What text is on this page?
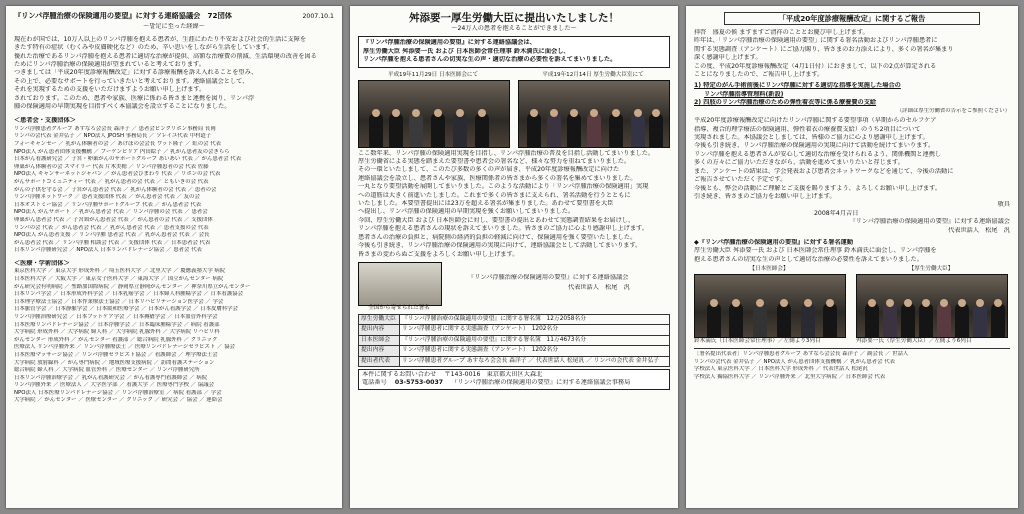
『リンパ浮腫治療の保険適用の要望』に対する連絡協議会　72団体	2007.10.1
～발足に至った経緯～
現在わが国では、10万人以上のリンパ浮腫を抱える患者が、生涯にわたり不安および社会的生活に支障を
きたす特有の症状（むくみや皮膚硬化など）のため、辛い思いをしながら生活をしています。
優れた治療であるリンパ浮腫を抱える患者に適切な治療が提供、高額な治療費の削減、生活環境の改善を図る
ためにリンパ浮腫治療の保険適用が望まれていると考えております。
つきましては「平成20年度診療報酬改定」に対する診療報酬を訴え入れることを望み、
その上で、必要なサポートを行っていきたいと考えております。連絡協議会として、
それを実現するための支援をいただけますようお願い申し上げます。
されております。このため、患者や家族、医療に係わる皆さまと連携を図り、リンパ浮
腫の保険適用の早期実現を目指すべく本協議会を設立することになりました。
＜患者会・支援団体＞
リンパ浮腫患者グループ あすなろ会会長 森洋子 ／ 患者会ピンクリボン事務局 長岡
リンパの会代表 金井弘子 ／ NPO法人 JPOSH 事務局長 ／ ソレイユ代表 中村道子
フォーキャンセー ／ 乳がん体験者の会 ／ あけぼの会会長 ワット隆子 ／ 虹の会 代表
NPO法人 がん患者団体支援機構 ／ ブーゲンビリア 内田絵子 ／ 乳がん患者友の会きらら
日本がん看護研究会 ／ 子宮・卵巣がんのサポートグループ あいあい 代表 ／ がん患者会 代表
卵巣がん体験者の会 スマイリー 代表 片木美穂 ／ リンパ浮腫患者の会 代表 佐藤
NPO法人 キャンサーネットジャパン ／ がん患者会ひまわり 代表 ／ リボンの会 代表
がんサポートコミュニティー 代表 ／ 乳がん患者の会 代表 ／ ともいきの会 代表
がんの子供を守る会 ／ 子宮がん患者会 代表 ／ 乳がん体験者の会 代表 ／ 患者の会
リンパ浮腫ネットワーク ／ 患者支援団体 代表 ／ がん患者会 代表 ／ 友の会
日本オストミー協会 ／ リンパ浮腫サポートグループ 代表 ／ がん患者会 代表
NPO法人 がんサポート ／ 乳がん患者会 代表 ／ リンパ浮腫の会 代表 ／ 患者会
卵巣がん患者会 代表 ／ 子宮頸がん患者会 代表 ／ がん患者の会 代表 ／ 支援団体
リンパの会 代表 ／ がん患者会 代表 ／ 乳がん患者会 代表 ／ 患者支援の会 代表
NPO法人 がん患者支援 ／ リンパ浮腫 患者会 代表 ／ 乳がん患者会 代表 ／ 会長
がん患者会 代表 ／ リンパ浮腫 相談会 代表 ／ 支援団体 代表 ／ 日本患者会 代表
日本リンパ浮腫研究会 ／ NPO法人 日本リンパドレナージ協会 ／ 患者会 代表
＜医療・学術団体＞
東京医科大学 ／ 東京大学 形成外科 ／ 埼玉医科大学 ／ 北里大学 ／ 慶應義塾大学 病院
日本医科大学 ／ 大阪大学 ／ 東京女子医科大学 ／ 東海大学 ／ 国立がんセンター 病院
がん研究会有明病院 ／ 聖路加国際病院 ／ 静岡県立静岡がんセンター ／ 神奈川県立がんセンター
日本リンパ学会 ／ 日本形成外科学会 ／ 日本乳癌学会 ／ 日本婦人科腫瘍学会 ／ 日本看護協会
日本理学療法士協会 ／ 日本作業療法士協会 ／ 日本リハビリテーション医学会 ／ 学会
日本脈管学会 ／ 日本静脈学会 ／ 日本緩和医療学会 ／ 日本がん看護学会 ／ 日本皮膚科学会
リンパ浮腫治療研究会 ／ 日本フットケア学会 ／ 日本褥瘡学会 ／ 日本血管外科学会
日本医療リンパドレナージ協会 ／ 日本浮腫学会 ／ 日本臨床腫瘍学会 ／ 病院 看護部
大学病院 形成外科 ／ 大学病院 婦人科 ／ 大学病院 乳腺外科 ／ 大学病院 リハビリ科
がんセンター 形成外科 ／ がんセンター 看護部 ／ 総合病院 乳腺外科 ／ クリニック
医療法人 リンパ浮腫外来 ／ リンパ浮腫療法士 ／ 医療リンパドレナージセラピスト ／ 協会
日本医療マッサージ協会 ／ リンパ浮腫セラピスト協会 ／ 看護師会 ／ 理学療法士会
大学病院 放射線科 ／ がん専門病院 ／ 地域医療支援病院 ／ 訪問看護ステーション
総合病院 婦人科 ／ 大学病院 血管外科 ／ 医療センター ／ リンパ浮腫研究所
日本リンパ浮腫治療学会 ／ 乳がん看護研究会 ／ がん看護専門看護師会 ／ 病院
リンパ浮腫外来 ／ 医療法人 ／ 大学医学部 ／ 看護大学 ／ 医療専門学校 ／ 協議会
NPO法人 日本医療リンパドレナージ協会 ／ リンパ浮腫治療室 ／ 病院 看護部 ／ 学会
大学病院 ／ がんセンター ／ 医療センター ／ クリニック ／ 研究会 ／ 協会 ／ 連絡会
舛添要一厚生労働大臣に提出いたしました！
～24万人の患者を抱えることができました～
『リンパ浮腫治療の保険適用の要望』に対する連絡協議会は、
厚生労働大臣 舛添要一氏 および 日本医師会常任理事 鈴木満氏に面会し、
リンパ浮腫を抱える患者さんの切実な生の声・適切な治療の必要性を訴えてまいりました。
平成19年11月29日 日本医師会にて	平成19年12月14日 厚生労働大臣室にて
ここ数年来、リンパ浮腫の保険適用実現を目指し、リンパ浮腫治療の普及を目指し活動してまいりました。
厚生労働省による実態を踏まえた要望書や患者会の署名など、様々な努力を重ねてまいりました。
その一環といたしまして、このたび多数の多くの声が届き、平成20年度診療報酬改定に向けた
連絡協議会を設立し、患者さんや家族、医療関係者の皆さまから多くの署名を集めてまいりました。
一丸となり要望活動を展開してまいりました。このような活動により「リンパ浮腫治療の保険適用」実現
への道筋は大きく前進いたしました。これまで多くの皆さまに支えられ、署名活動を行うとともに
いたしました。本要望書提出には23万を超える署名が集まりました。あわせて要望書を大臣
へ提出し、リンパ浮腫の保険適用の早期実現を強くお願いしてまいりました。
今回、厚生労働大臣 および 日本医師会に対し、要望書の提出とあわせて実態調査結果をお届けし、
リンパ浮腫を抱える患者さんの現状を訴えてまいりました。皆さまのご協力に心より感謝申し上げます。
患者さんの治療の負担と、病院側の経済的負担の軽減に向けて、保険適用を強く要望いたしました。
今後も引き続き、リンパ浮腫治療の保険適用の実現に向けて、連絡協議会として活動してまいります。
皆さまの変わらぬご支援をよろしくお願い申し上げます。
全国から寄せられた署名
『リンパ浮腫治療の保険適用の要望』に対する連絡協議会
代表世話人　松尾　汎
厚生労働大臣	『リンパ浮腫治療の保険適用の要望』に関する署名簿　12万2058名分
提出内容	リンパ浮腫患者に関する実態調査（アンケート）　1202名分
日本医師会	『リンパ浮腫治療の保険適用の要望』に関する署名簿　11万4673名分
提出内容	リンパ浮腫患者に関する実態調査（アンケート）　1202名分
提出者代表	リンパ浮腫患者グループ あすなろ会会長 森洋子 ／ 代表世話人 松尾汎 ／ リンパの会代表 金井弘子
本件に関するお問い合わせ　 〒143-0016　東京都大田区大森北
電話番号　 03-5753-0037　 『リンパ浮腫治療の保険適用の要望』に対する連絡協議会事務局
「平成20年度診療報酬改定」に関するご報告
拝啓　盛夏の候 ますますご清祥のこととお慶び申し上げます。
昨年は、「リンパ浮腫治療の保険適用の要望」に関する署名活動およびリンパ浮腫患者に
関する実態調査（アンケート）にご協力賜り、皆さまのお力添えにより、多くの署名が集まり
深く感謝申し上げます。
この度、平成20年度診療報酬改定（4月1日付）におきまして、以下の2点が算定される
ことになりましたので、ご報告申し上げます。
1) 特定のがん手術前後にリンパ浮腫に対する適切な指導を実施した場合の
リンパ浮腫指導管理料(新設)
2) 四肢のリンパ浮腫治療のための弾性着衣等に係る療養費の支給
（詳細は厚生労働省の告示をご参照ください）
平成20年度診療報酬改定に向けたリンパ浮腫に関する要望事項（早期からのセルフケア
指導、複合的理学療法の保険適用、弾性着衣の療養費支給）のうち2項目について
実現されました。本協議会としましては、皆様のご協力に心より感謝申し上げます。
今後も引き続き、リンパ浮腫治療の保険適用の実現に向けて活動を続けてまいります。
リンパ浮腫を抱える患者さんが安心して適切な治療を受けられるよう、関係機関と連携し
多くの方々にご協力いただきながら、活動を進めてまいりたいと存じます。
また、アンケートの結果は、学会発表および患者会ネットワークなどを通じて、今後の活動に
ご報告させていただく予定です。
今後とも、弊会の活動にご理解とご支援を賜りますよう、よろしくお願い申し上げます。
引き続き、皆さまのご協力をお願い申し上げます。
敬具
2008年4月吉日
『リンパ浮腫治療の保険適用の要望』に対する連絡協議会
代表世話人　松尾　汎
◆『リンパ浮腫治療の保険適用の要望』に対する署名運動
厚生労働大臣 舛添要一氏 および 日本医師会常任理事 鈴木満氏に面会し、リンパ浮腫を
抱える患者さんの切実な生の声として適切な治療の必要性を訴えてまいりました。
【日本医師会】	【厚生労働大臣】
鈴木満氏（日本医師会常任理事）／左側より3列目	舛添要一氏（厚生労働大臣）／左側より6列目
［署名提出代表者］リンパ浮腫患者グループ あすなろ会会長 森洋子 ／ 副会長 ／ 世話人
リンパの会代表 金井弘子 ／ NPO法人 がん患者団体支援機構 ／ 乳がん患者会 代表
学校法人 東京医科大学 ／ 日本医科大学 形成外科 ／ 代表世話人 松尾汎
学校法人 獨協医科大学 ／ リンパ浮腫外来 ／ 北里大学病院 ／ 日本医師会 代表
